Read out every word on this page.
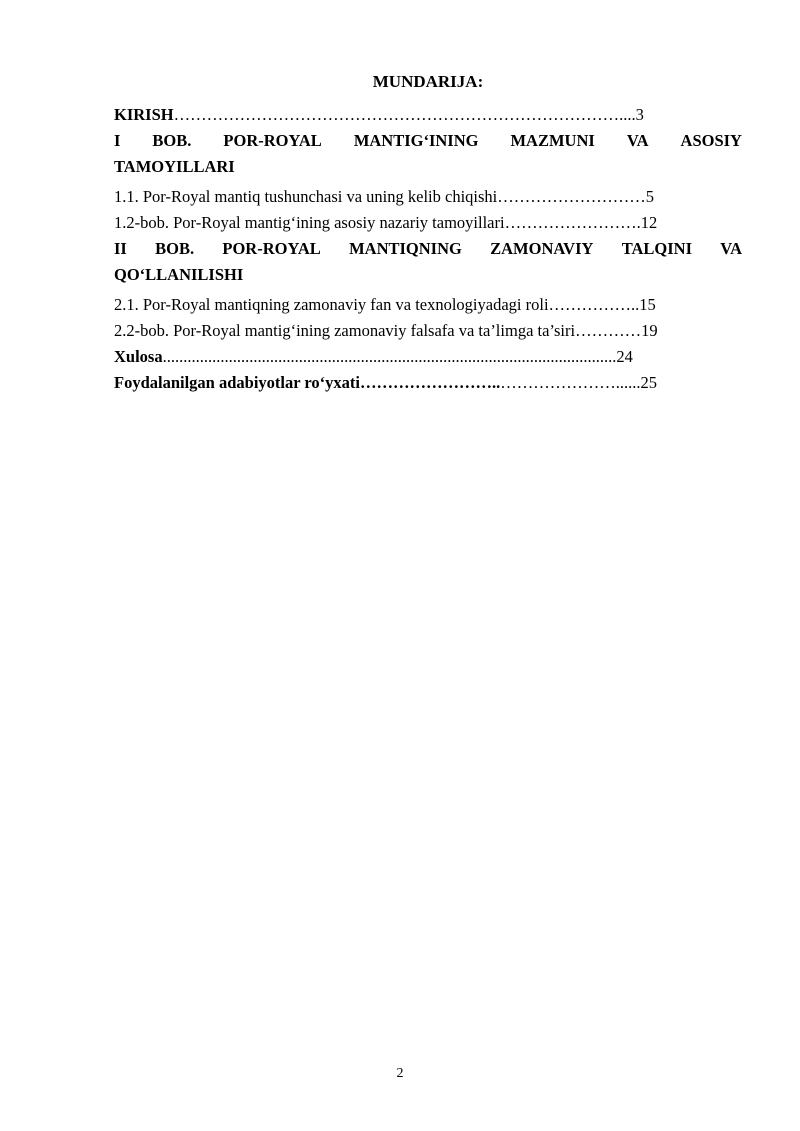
MUNDARIJA:
KIRISH………………………………………………………………………....3
I BOB. POR-ROYAL MANTIG‘INING MAZMUNI VA ASOSIY
TAMOYILLARI
1.1. Por-Royal mantiq tushunchasi va uning kelib chiqishi………………………5
1.2-bob. Por-Royal mantig‘ining asosiy nazariy tamoyillari…………………….12
II BOB. POR-ROYAL MANTIQNING ZAMONAVIY TALQINI VA
QO‘LLANILISHI
2.1. Por-Royal mantiqning zamonaviy fan va texnologiyadagi roli……………..15
2.2-bob. Por-Royal mantig‘ining zamonaviy falsafa va ta’limga ta’siri…………19
Xulosa..............................................................................................................24
Foydalanilgan adabiyotlar ro‘yxati……………………..…………………......25
2
